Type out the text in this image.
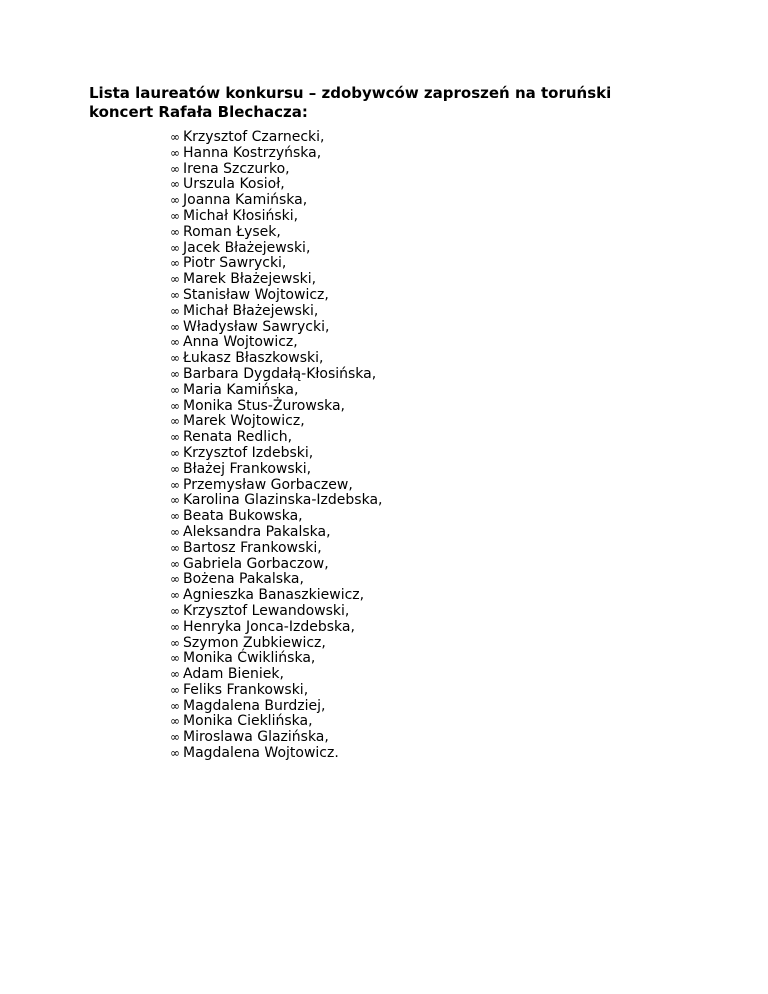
Lista laureatów konkursu – zdobywców zaproszeń na toruński
koncert Rafała Blechacza:
∞ Krzysztof Czarnecki,
∞ Hanna Kostrzyńska,
∞ Irena Szczurko,
∞ Urszula Kosioł,
∞ Joanna Kamińska,
∞ Michał Kłosiński,
∞ Roman Łysek,
∞ Jacek Błażejewski,
∞ Piotr Sawrycki,
∞ Marek Błażejewski,
∞ Stanisław Wojtowicz,
∞ Michał Błażejewski,
∞ Władysław Sawrycki,
∞ Anna Wojtowicz,
∞ Łukasz Błaszkowski,
∞ Barbara Dygdałą-Kłosińska,
∞ Maria Kamińska,
∞ Monika Stus-Żurowska,
∞ Marek Wojtowicz,
∞ Renata Redlich,
∞ Krzysztof Izdebski,
∞ Błażej Frankowski,
∞ Przemysław Gorbaczew,
∞ Karolina Glazinska-Izdebska,
∞ Beata Bukowska,
∞ Aleksandra Pakalska,
∞ Bartosz Frankowski,
∞ Gabriela Gorbaczow,
∞ Bożena Pakalska,
∞ Agnieszka Banaszkiewicz,
∞ Krzysztof Lewandowski,
∞ Henryka Jonca-Izdebska,
∞ Szymon Zubkiewicz,
∞ Monika Ćwiklińska,
∞ Adam Bieniek,
∞ Feliks Frankowski,
∞ Magdalena Burdziej,
∞ Monika Cieklińska,
∞ Miroslawa Glazińska,
∞ Magdalena Wojtowicz.
